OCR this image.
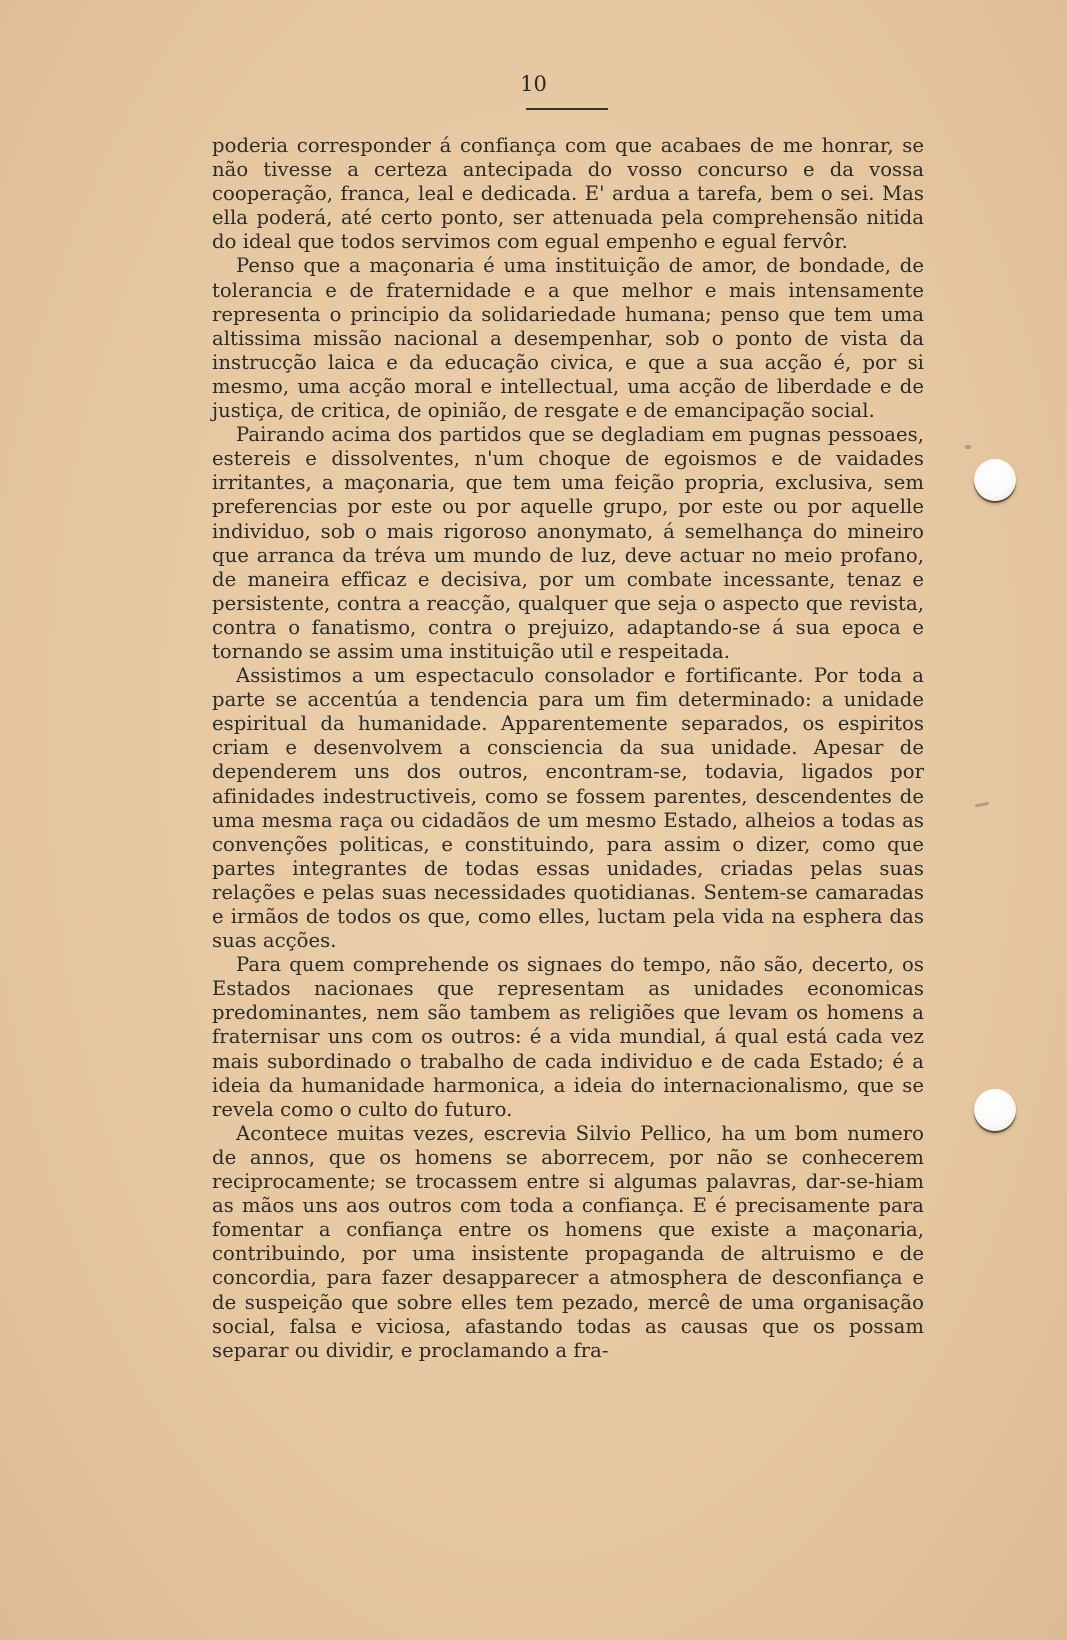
10

poderia corresponder á confiança com que acabaes de me honrar, se não tivesse a certeza antecipada do vosso concurso e da vossa cooperação, franca, leal e dedicada. E' ardua a tarefa, bem o sei. Mas ella poderá, até certo ponto, ser attenuada pela comprehensão nitida do ideal que todos servimos com egual empenho e egual fervôr.

Penso que a maçonaria é uma instituição de amor, de bondade, de tolerancia e de fraternidade e a que melhor e mais intensamente representa o principio da solidariedade humana; penso que tem uma altissima missão nacional a desempenhar, sob o ponto de vista da instrucção laica e da educação civica, e que a sua acção é, por si mesmo, uma acção moral e intellectual, uma acção de liberdade e de justiça, de critica, de opinião, de resgate e de emancipação social.

Pairando acima dos partidos que se degladiam em pugnas pessoaes, estereis e dissolventes, n'um choque de egoismos e de vaidades irritantes, a maçonaria, que tem uma feição propria, exclusiva, sem preferencias por este ou por aquelle grupo, por este ou por aquelle individuo, sob o mais rigoroso anonymato, á semelhança do mineiro que arranca da tréva um mundo de luz, deve actuar no meio profano, de maneira efficaz e decisiva, por um combate incessante, tenaz e persistente, contra a reacção, qualquer que seja o aspecto que revista, contra o fanatismo, contra o prejuizo, adaptando-se á sua epoca e tornando se assim uma instituição util e respeitada.

Assistimos a um espectaculo consolador e fortificante. Por toda a parte se accentúa a tendencia para um fim determinado: a unidade espiritual da humanidade. Apparentemente separados, os espiritos criam e desenvolvem a consciencia da sua unidade. Apesar de dependerem uns dos outros, encontram-se, todavia, ligados por afinidades indestructiveis, como se fossem parentes, descendentes de uma mesma raça ou cidadãos de um mesmo Estado, alheios a todas as convenções politicas, e constituindo, para assim o dizer, como que partes integrantes de todas essas unidades, criadas pelas suas relações e pelas suas necessidades quotidianas. Sentem-se camaradas e irmãos de todos os que, como elles, luctam pela vida na esphera das suas acções.

Para quem comprehende os signaes do tempo, não são, decerto, os Estados nacionaes que representam as unidades economicas predominantes, nem são tambem as religiões que levam os homens a fraternisar uns com os outros: é a vida mundial, á qual está cada vez mais subordinado o trabalho de cada individuo e de cada Estado; é a ideia da humanidade harmonica, a ideia do internacionalismo, que se revela como o culto do futuro.

Acontece muitas vezes, escrevia Silvio Pellico, ha um bom numero de annos, que os homens se aborrecem, por não se conhecerem reciprocamente; se trocassem entre si algumas palavras, dar-se-hiam as mãos uns aos outros com toda a confiança. E é precisamente para fomentar a confiança entre os homens que existe a maçonaria, contribuindo, por uma insistente propaganda de altruismo e de concordia, para fazer desapparecer a atmosphera de desconfiança e de suspeição que sobre elles tem pezado, mercê de uma organisação social, falsa e viciosa, afastando todas as causas que os possam separar ou dividir, e proclamando a fra-
